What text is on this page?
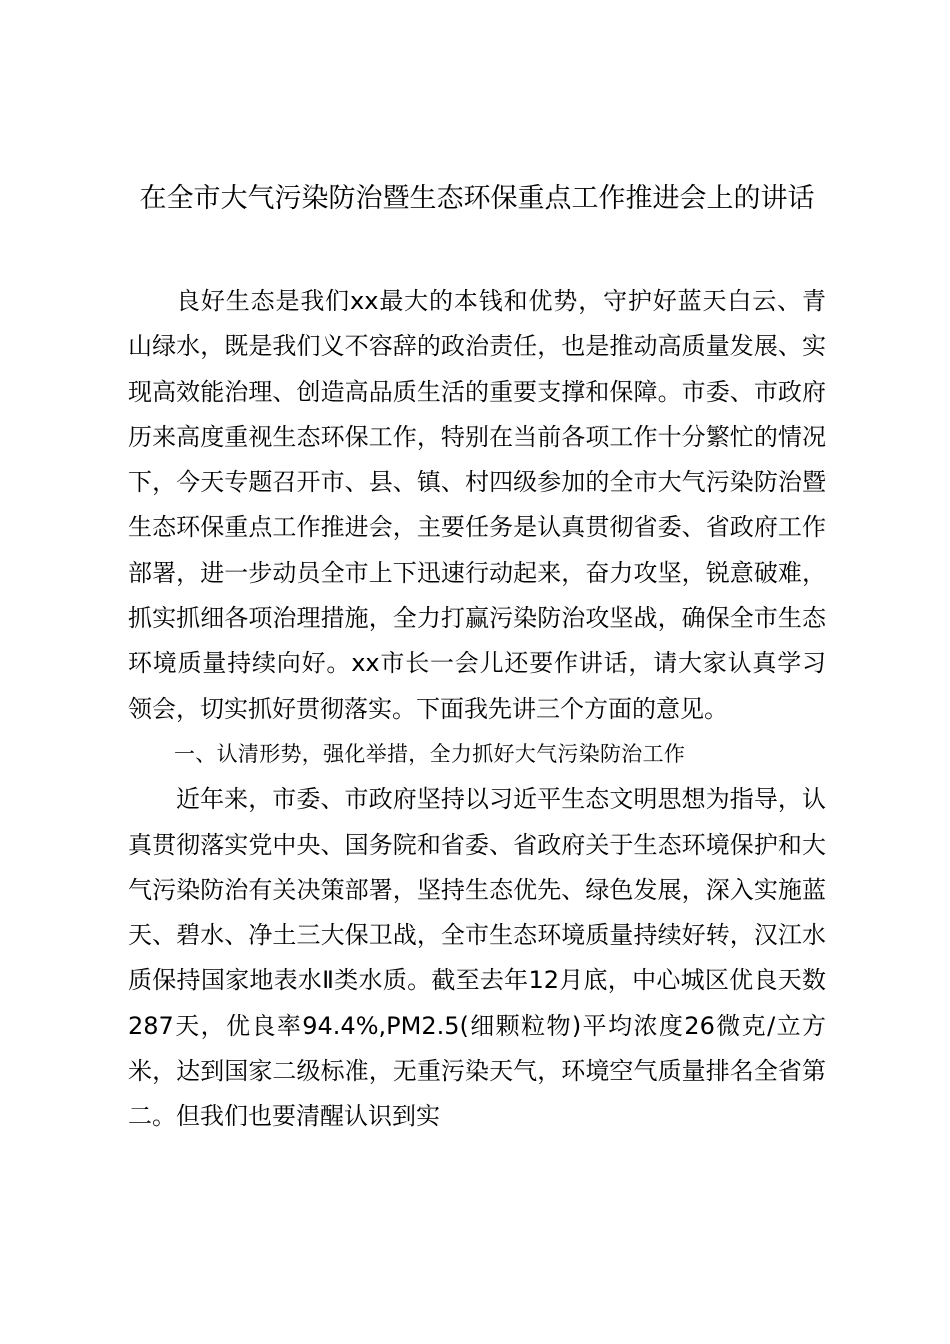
在全市大气污染防治暨生态环保重点工作推进会上的讲话

良好生态是我们xx最大的本钱和优势，守护好蓝天白云、青山绿水，既是我们义不容辞的政治责任，也是推动高质量发展、实现高效能治理、创造高品质生活的重要支撑和保障。市委、市政府历来高度重视生态环保工作，特别在当前各项工作十分繁忙的情况下，今天专题召开市、县、镇、村四级参加的全市大气污染防治暨生态环保重点工作推进会，主要任务是认真贯彻省委、省政府工作部署，进一步动员全市上下迅速行动起来，奋力攻坚，锐意破难，抓实抓细各项治理措施，全力打赢污染防治攻坚战，确保全市生态环境质量持续向好。xx市长一会儿还要作讲话，请大家认真学习领会，切实抓好贯彻落实。下面我先讲三个方面的意见。

一、认清形势，强化举措，全力抓好大气污染防治工作

近年来，市委、市政府坚持以习近平生态文明思想为指导，认真贯彻落实党中央、国务院和省委、省政府关于生态环境保护和大气污染防治有关决策部署，坚持生态优先、绿色发展，深入实施蓝天、碧水、净土三大保卫战，全市生态环境质量持续好转，汉江水质保持国家地表水Ⅱ类水质。截至去年12月底，中心城区优良天数287天，优良率94.4%,PM2.5(细颗粒物)平均浓度26微克/立方米，达到国家二级标准，无重污染天气，环境空气质量排名全省第二。但我们也要清醒认识到实
